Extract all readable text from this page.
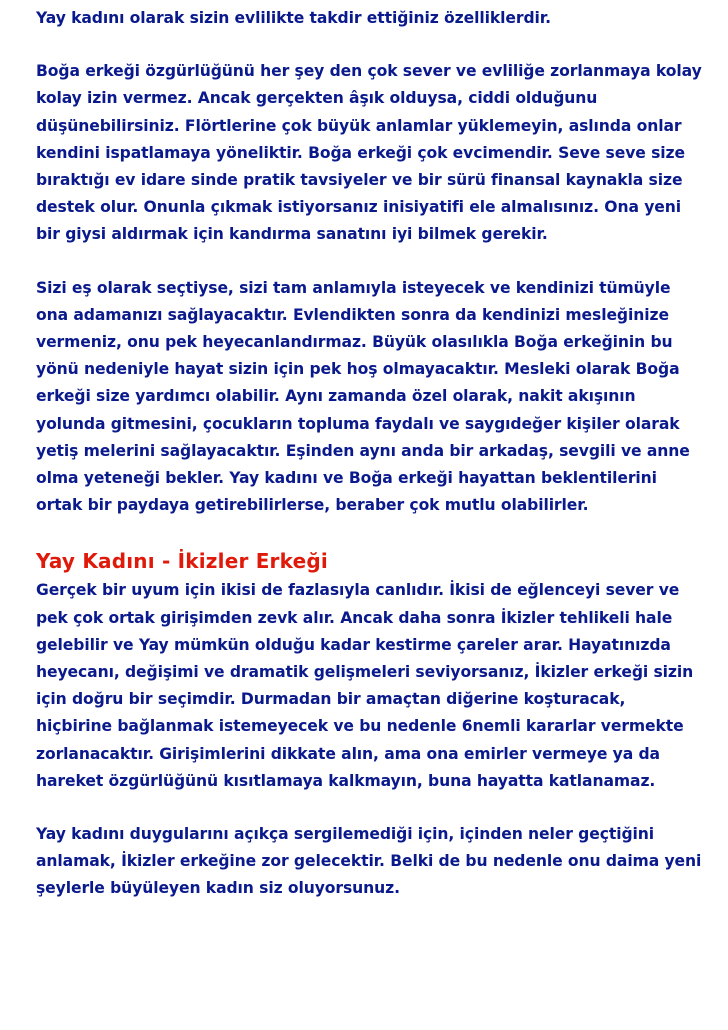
Yay kadını olarak sizin evlilikte takdir ettiğiniz özelliklerdir.

Boğa erkeği özgürlüğünü her şey den çok sever ve evliliğe zorlanmaya kolay kolay izin vermez. Ancak gerçekten âşık olduysa, ciddi olduğunu düşünebilirsiniz. Flörtlerine çok büyük anlamlar yüklemeyin, aslında onlar kendini ispatlamaya yöneliktir. Boğa erkeği çok evcimendir. Seve seve size bıraktığı ev idare sinde pratik tavsiyeler ve bir sürü finansal kaynakla size destek olur. Onunla çıkmak istiyorsanız inisiyatifi ele almalısınız. Ona yeni bir giysi aldırmak için kandırma sanatını iyi bilmek gerekir.

Sizi eş olarak seçtiyse, sizi tam anlamıyla isteyecek ve kendinizi tümüyle ona adamanızı sağlayacaktır. Evlendikten sonra da kendinizi mesleğinize vermeniz, onu pek heyecanlandırmaz. Büyük olasılıkla Boğa erkeğinin bu yönü nedeniyle hayat sizin için pek hoş olmayacaktır. Mesleki olarak Boğa erkeği size yardımcı olabilir. Aynı zamanda özel olarak, nakit akışının yolunda gitmesini, çocukların topluma faydalı ve saygıdeğer kişiler olarak yetiş melerini sağlayacaktır. Eşinden aynı anda bir arkadaş, sevgili ve anne olma yeteneği bekler. Yay kadını ve Boğa erkeği hayattan beklentilerini ortak bir paydaya getirebilirlerse, beraber çok mutlu olabilirler.

Yay Kadını - İkizler Erkeği

Gerçek bir uyum için ikisi de fazlasıyla canlıdır. İkisi de eğlenceyi sever ve pek çok ortak girişimden zevk alır. Ancak daha sonra İkizler tehlikeli hale gelebilir ve Yay mümkün olduğu kadar kestirme çareler arar. Hayatınızda heyecanı, değişimi ve dramatik gelişmeleri seviyorsanız, İkizler erkeği sizin için doğru bir seçimdir. Durmadan bir amaçtan diğerine koşturacak, hiçbirine bağlanmak istemeyecek ve bu nedenle 6nemli kararlar vermekte zorlanacaktır. Girişimlerini dikkate alın, ama ona emirler vermeye ya da hareket özgürlüğünü kısıtlamaya kalkmayın, buna hayatta katlanamaz.

Yay kadını duygularını açıkça sergilemediği için, içinden neler geçtiğini anlamak, İkizler erkeğine zor gelecektir. Belki de bu nedenle onu daima yeni şeylerle büyüleyen kadın siz oluyorsunuz.
